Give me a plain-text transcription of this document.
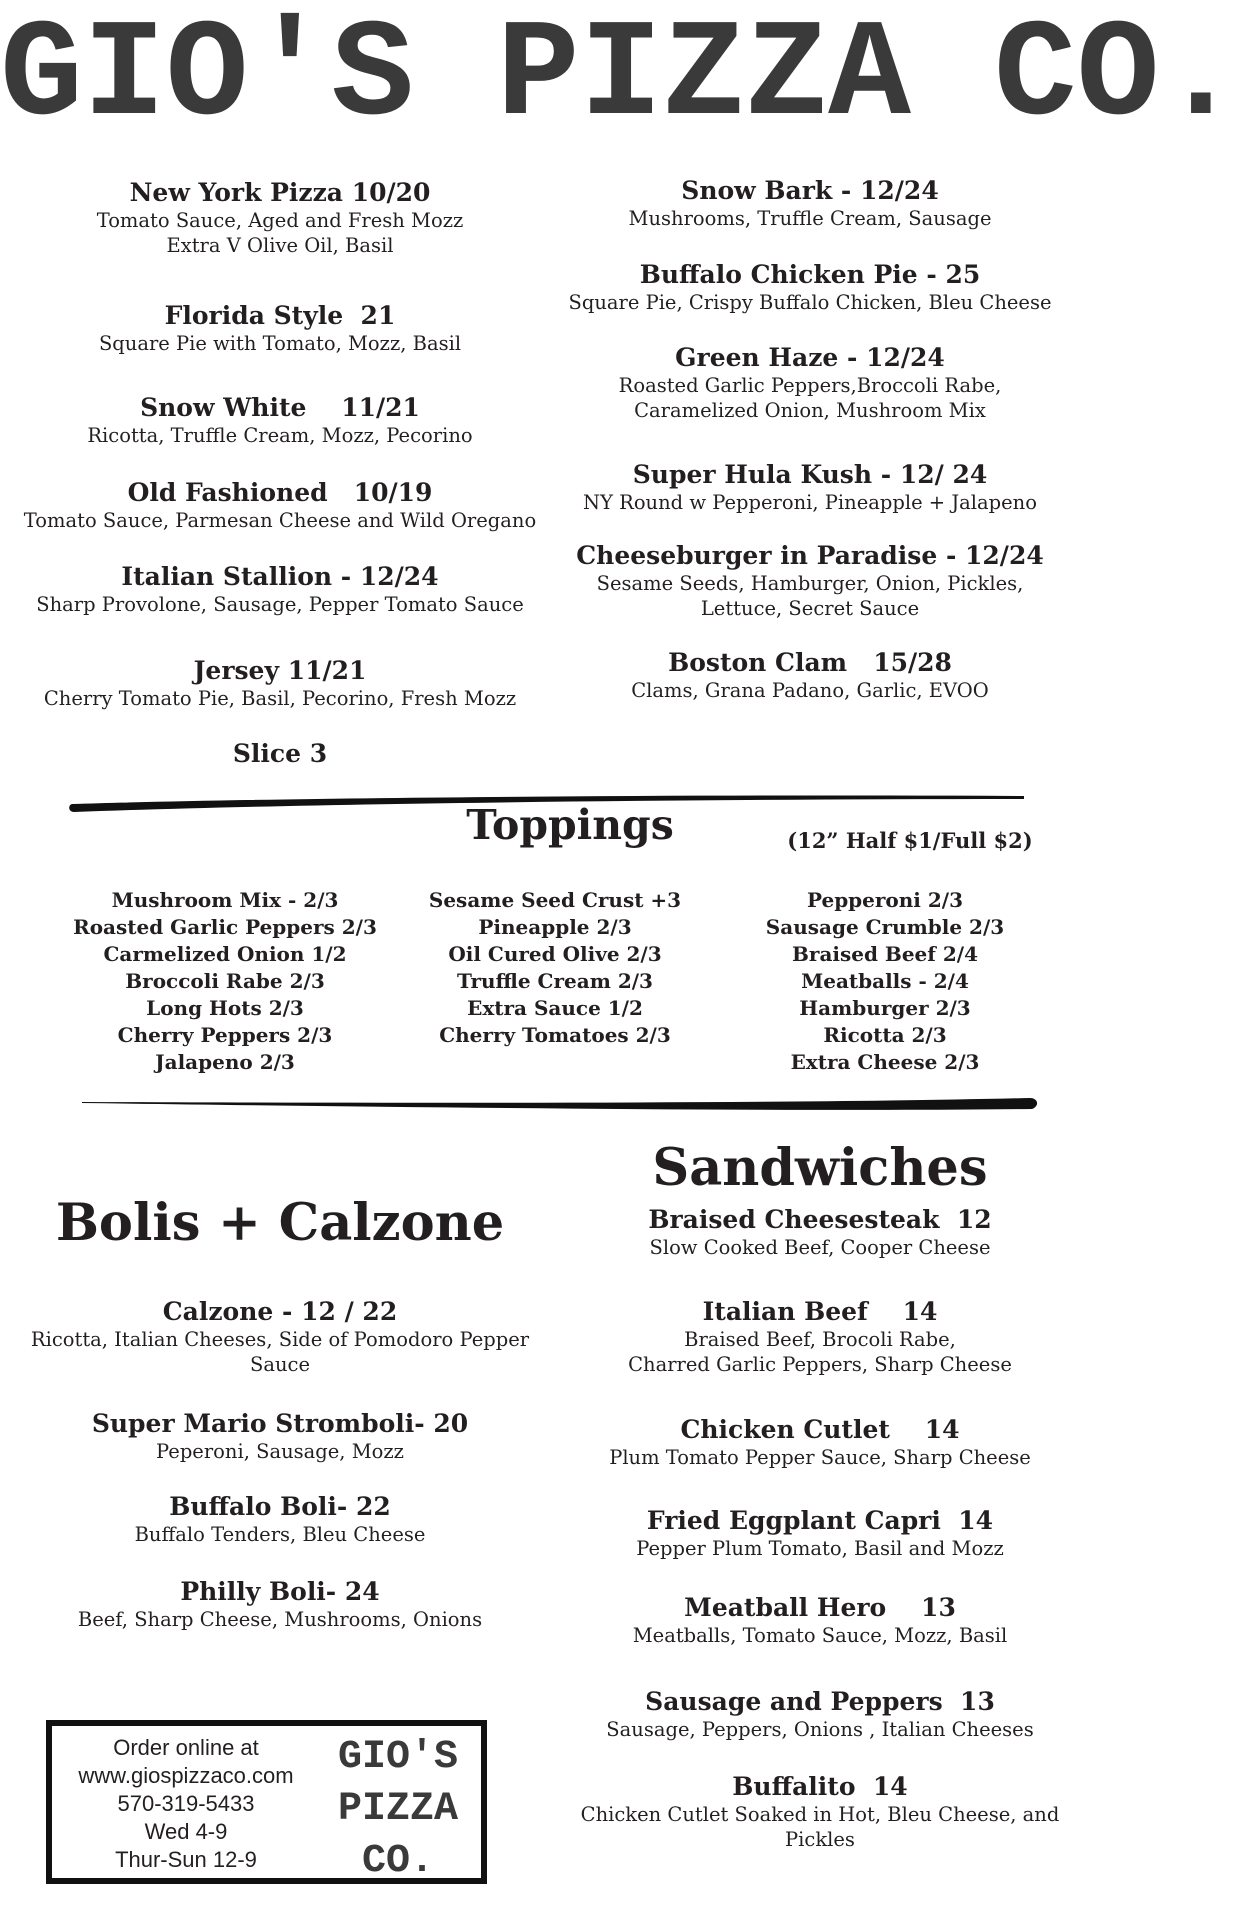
GIO'S PIZZA CO.
New York Pizza 10/20
Tomato Sauce, Aged and Fresh Mozz
Extra V Olive Oil, Basil
Florida Style  21
Square Pie with Tomato, Mozz, Basil
Snow White    11/21
Ricotta, Truffle Cream, Mozz, Pecorino
Old Fashioned   10/19
Tomato Sauce, Parmesan Cheese and Wild Oregano
Italian Stallion - 12/24
Sharp Provolone, Sausage, Pepper Tomato Sauce
Jersey 11/21
Cherry Tomato Pie, Basil, Pecorino, Fresh Mozz
Slice 3
Snow Bark - 12/24
Mushrooms, Truffle Cream, Sausage
Buffalo Chicken Pie - 25
Square Pie, Crispy Buffalo Chicken, Bleu Cheese
Green Haze - 12/24
Roasted Garlic Peppers,Broccoli Rabe,
Caramelized Onion, Mushroom Mix
Super Hula Kush - 12/ 24
NY Round w Pepperoni, Pineapple + Jalapeno
Cheeseburger in Paradise - 12/24
Sesame Seeds, Hamburger, Onion, Pickles,
Lettuce, Secret Sauce
Boston Clam   15/28
Clams, Grana Padano, Garlic, EVOO
Toppings	(12” Half $1/Full $2)
Mushroom Mix - 2/3
Roasted Garlic Peppers 2/3
Carmelized Onion 1/2
Broccoli Rabe 2/3
Long Hots 2/3
Cherry Peppers 2/3
Jalapeno 2/3
Sesame Seed Crust +3
Pineapple 2/3
Oil Cured Olive 2/3
Truffle Cream 2/3
Extra Sauce 1/2
Cherry Tomatoes 2/3
Pepperoni 2/3
Sausage Crumble 2/3
Braised Beef 2/4
Meatballs - 2/4
Hamburger 2/3
Ricotta 2/3
Extra Cheese 2/3
Sandwiches
Bolis + Calzone
Calzone - 12 / 22
Ricotta, Italian Cheeses, Side of Pomodoro Pepper
Sauce
Super Mario Stromboli- 20
Peperoni, Sausage, Mozz
Buffalo Boli- 22
Buffalo Tenders, Bleu Cheese
Philly Boli- 24
Beef, Sharp Cheese, Mushrooms, Onions
Braised Cheesesteak  12
Slow Cooked Beef, Cooper Cheese
Italian Beef    14
Braised Beef, Brocoli Rabe,
Charred Garlic Peppers, Sharp Cheese
Chicken Cutlet    14
Plum Tomato Pepper Sauce, Sharp Cheese
Fried Eggplant Capri  14
Pepper Plum Tomato, Basil and Mozz
Meatball Hero    13
Meatballs, Tomato Sauce, Mozz, Basil
Sausage and Peppers  13
Sausage, Peppers, Onions , Italian Cheeses
Buffalito  14
Chicken Cutlet Soaked in Hot, Bleu Cheese, and
Pickles
Order online at
www.giospizzaco.com
570-319-5433
Wed 4-9
Thur-Sun 12-9
GIO'S
PIZZA
CO.
